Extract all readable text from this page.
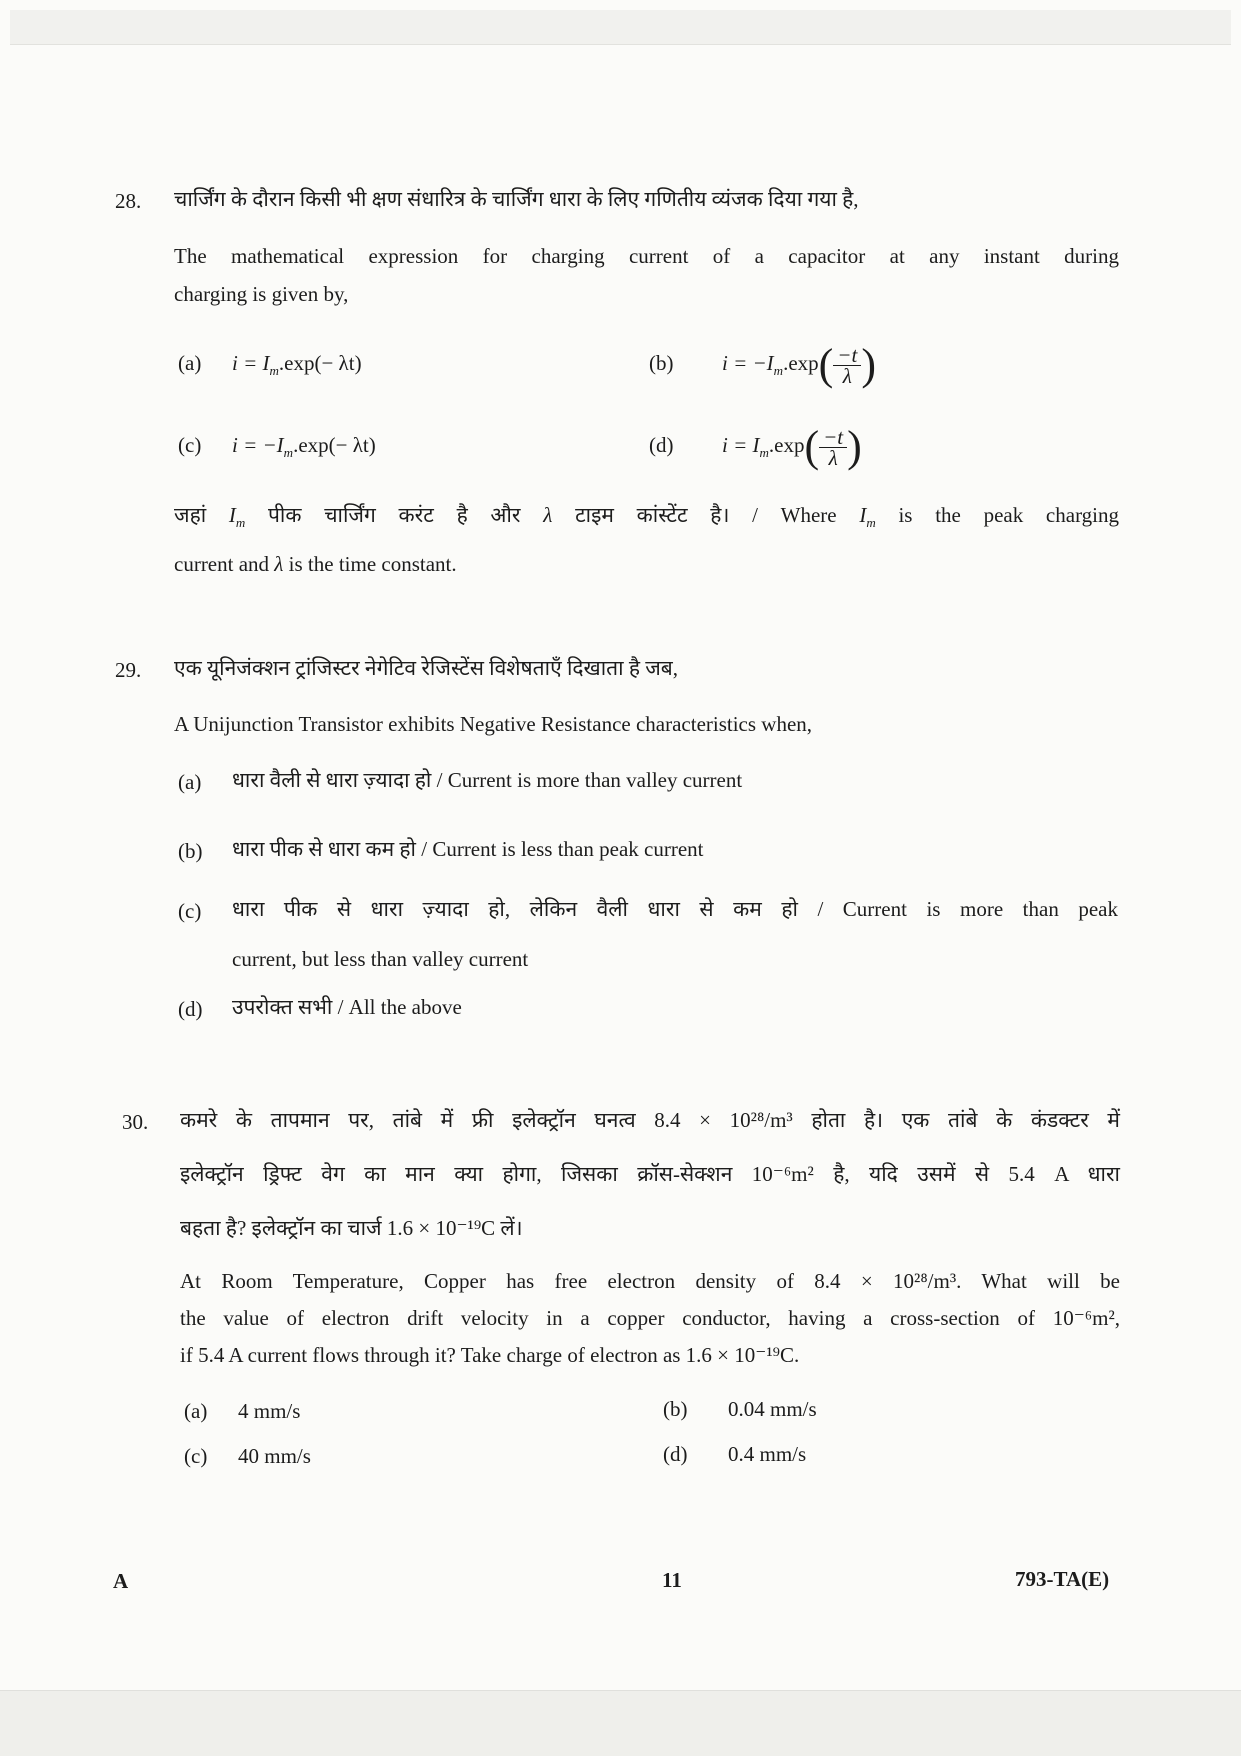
28. चार्जिंग के दौरान किसी भी क्षण संधारित्र के चार्जिंग धारा के लिए गणितीय व्यंजक दिया गया है,
The mathematical expression for charging current of a capacitor at any instant during
charging is given by,
(a) $i = I_m.\exp(- \lambda t)$	(b) $i = -I_m.\exp( \frac{-t}{\lambda}$ )
(c) $i = -I_m.\exp(- \lambda t)$	(d) $i = I_m.\exp( \frac{-t}{\lambda}$ )
जहां $I_m$ पीक चार्जिंग करंट है और λ टाइम कांस्टेंट है। / Where $I_m$ is the peak charging
current and λ is the time constant.
29. एक यूनिजंक्शन ट्रांजिस्टर नेगेटिव रेजिस्टेंस विशेषताएँ दिखाता है जब,
A Unijunction Transistor exhibits Negative Resistance characteristics when,
(a) धारा वैली से धारा ज़्यादा हो / Current is more than valley current
(b) धारा पीक से धारा कम हो / Current is less than peak current
(c) धारा पीक से धारा ज़्यादा हो, लेकिन वैली धारा से कम हो / Current is more than peak
current, but less than valley current
(d) उपरोक्त सभी / All the above
30. कमरे के तापमान पर, तांबे में फ्री इलेक्ट्रॉन घनत्व 8.4 × 10²⁸/m³ होता है। एक तांबे के कंडक्टर में
इलेक्ट्रॉन ड्रिफ्ट वेग का मान क्या होगा, जिसका क्रॉस-सेक्शन 10⁻⁶m² है, यदि उसमें से 5.4 A धारा
बहता है? इलेक्ट्रॉन का चार्ज 1.6 × 10⁻¹⁹C लें।
At Room Temperature, Copper has free electron density of 8.4 × 10²⁸/m³. What will be
the value of electron drift velocity in a copper conductor, having a cross-section of 10⁻⁶m²,
if 5.4 A current flows through it? Take charge of electron as 1.6 × 10⁻¹⁹C.
(a) 4 mm/s	(b) 0.04 mm/s
(c) 40 mm/s	(d) 0.4 mm/s
A	11	793-TA(E)
